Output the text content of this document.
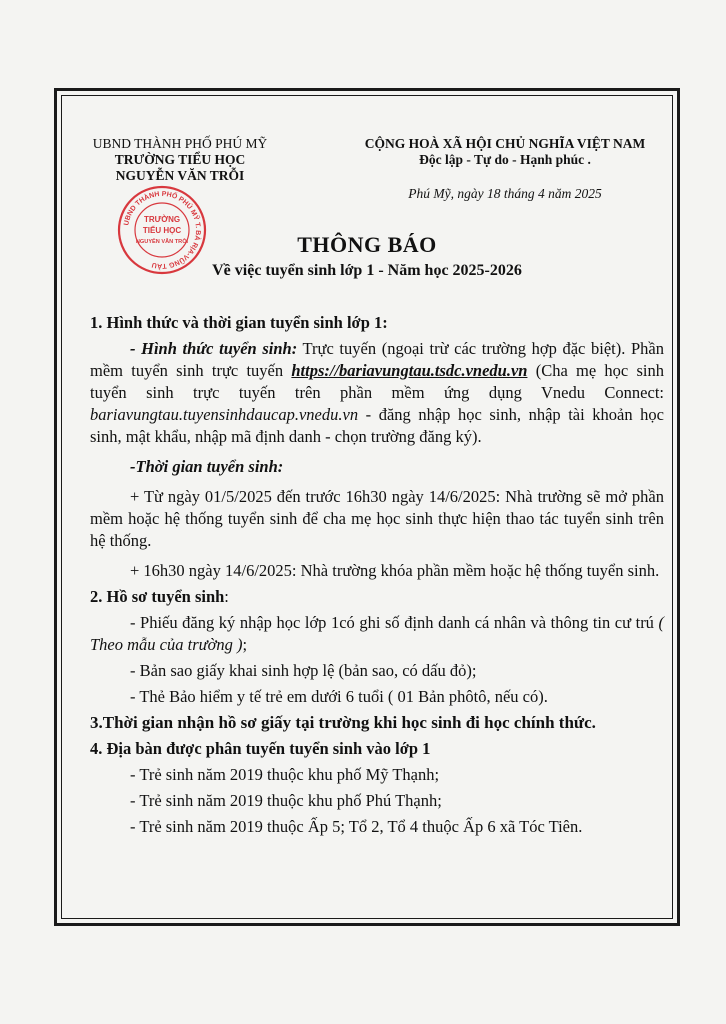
UBND THÀNH PHỐ PHÚ MỸ
TRƯỜNG TIỂU HỌC
NGUYỄN VĂN TRỖI
CỘNG HOÀ XÃ HỘI CHỦ NGHĨA VIỆT NAM
Độc lập - Tự do - Hạnh phúc .
Phú Mỹ, ngày 18 tháng 4 năm 2025
UBND THÀNH PHỐ PHÚ MỸ T. BÀ RỊA-VŨNG TÀU
TRƯỜNG
TIỂU HỌC
NGUYỄN VĂN TRỖI	THÔNG BÁO
Về việc tuyển sinh lớp 1 - Năm học 2025-2026

1. Hình thức và thời gian tuyển sinh lớp 1:

- Hình thức tuyển sinh: Trực tuyến (ngoại trừ các trường hợp đặc biệt). Phần mềm tuyển sinh trực tuyến https://bariavungtau.tsdc.vnedu.vn (Cha mẹ học sinh tuyển sinh trực tuyến trên phần mềm ứng dụng Vnedu Connect: bariavungtau.tuyensinhdaucap.vnedu.vn - đăng nhập học sinh, nhập tài khoản học sinh, mật khẩu, nhập mã định danh - chọn trường đăng ký).

-Thời gian tuyển sinh:

+ Từ ngày 01/5/2025 đến trước 16h30 ngày 14/6/2025: Nhà trường sẽ mở phần mềm hoặc hệ thống tuyển sinh để cha mẹ học sinh thực hiện thao tác tuyển sinh trên hệ thống.

+ 16h30 ngày 14/6/2025: Nhà trường khóa phần mềm hoặc hệ thống tuyển sinh.

2. Hồ sơ tuyển sinh:

- Phiếu đăng ký nhập học lớp 1có ghi số định danh cá nhân và thông tin cư trú ( Theo mẫu của trường );

- Bản sao giấy khai sinh hợp lệ (bản sao, có dấu đỏ);

- Thẻ Bảo hiểm y tế trẻ em dưới 6 tuổi ( 01 Bản phôtô, nếu có).

3.Thời gian nhận hồ sơ giấy tại trường khi học sinh đi học chính thức.

4. Địa bàn được phân tuyến tuyển sinh vào lớp 1

- Trẻ sinh năm 2019 thuộc khu phố Mỹ Thạnh;

- Trẻ sinh năm 2019 thuộc khu phố Phú Thạnh;

- Trẻ sinh năm 2019 thuộc Ấp 5; Tổ 2, Tổ 4 thuộc Ấp 6 xã Tóc Tiên.
